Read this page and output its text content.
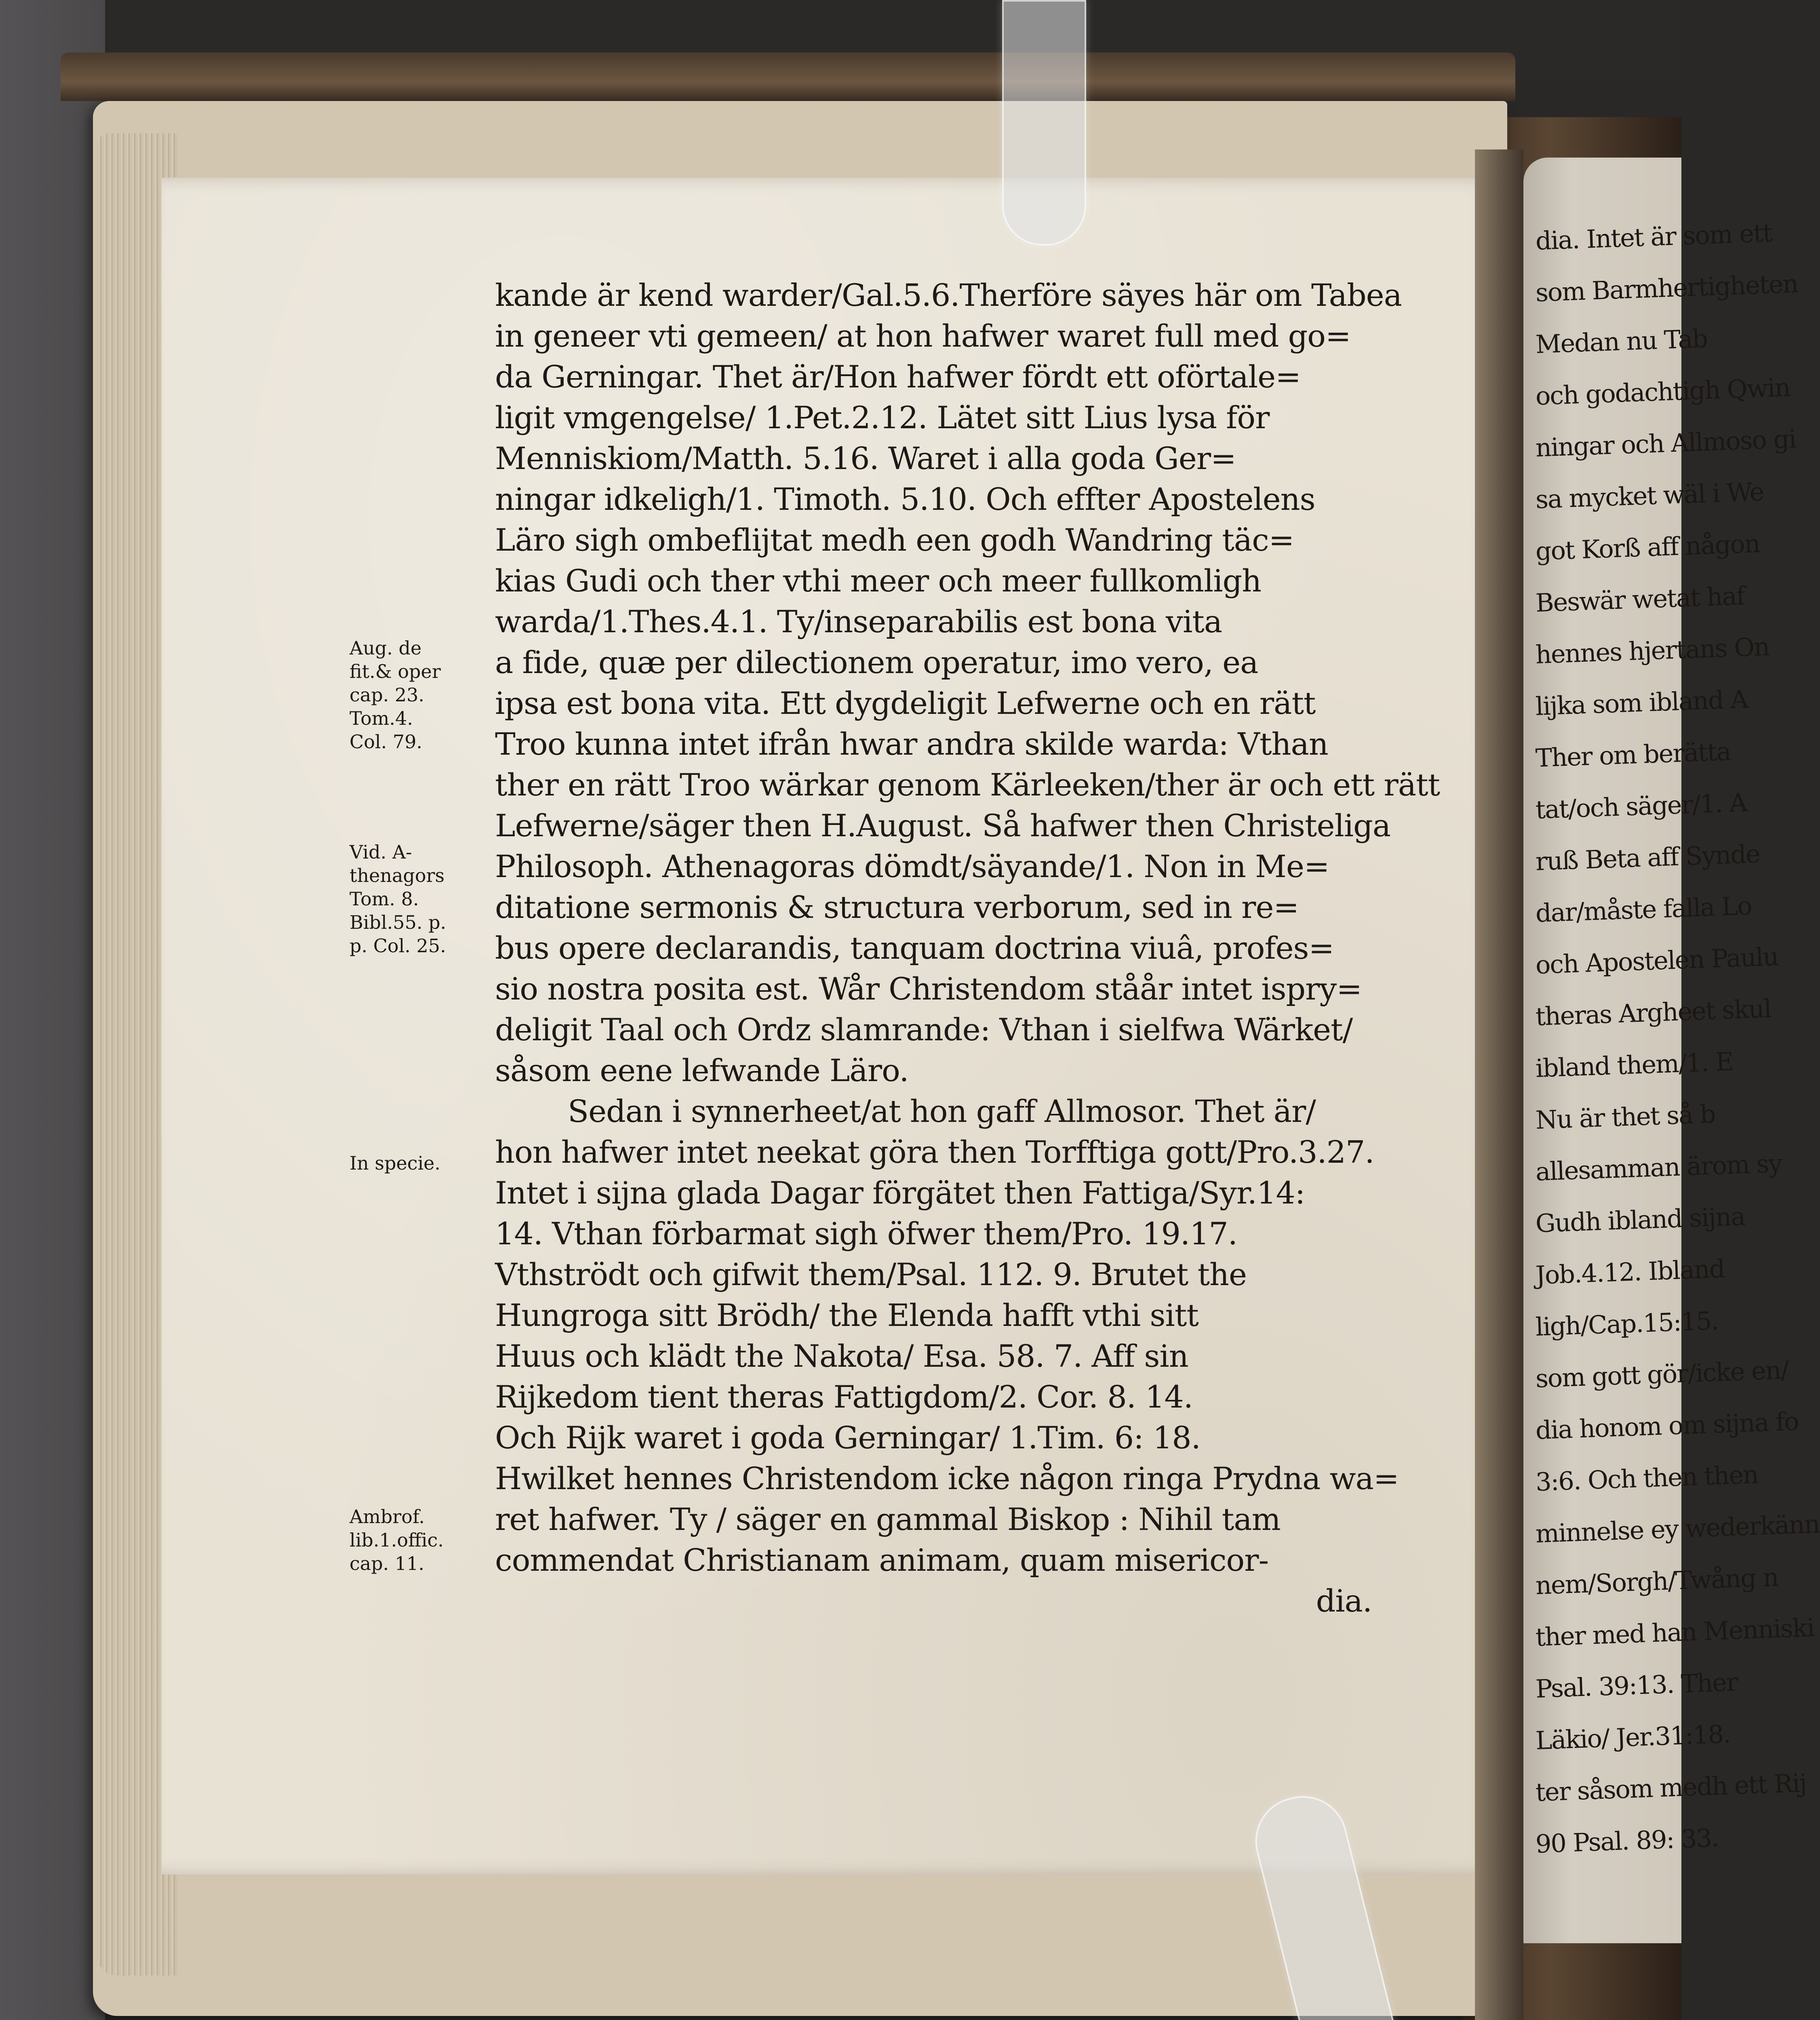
dia. Intet är som ett
som Barmhertigheten
Medan nu Tab
och godachtigh Qwin
ningar och Allmoso gi
sa mycket wäl i We
got Korß aff någon
Beswär wetat haf
hennes hjertans On
lijka som ibland A
Ther om berätta
tat/och säger/1. A
ruß Beta aff Synde
dar/måste falla Lo
och Apostelen Paulu
theras Argheet skul
ibland them/1. E
Nu är thet så b
allesamman ärom sy
Gudh ibland sijna
Job.4.12. Ibland
ligh/Cap.15:15.
som gott gör/icke en/
dia honom om sijna fo
3:6. Och then then
minnelse ey wederkänn
nem/Sorgh/Twång n
ther med han Menniski
Psal. 39:13. Ther
Läkio/ Jer.31:18.
ter såsom medh ett Rij
90 Psal. 89: 33.
kande är kend warder/Gal.5.6.Therföre säyes här om Tabea
in geneer vti gemeen/ at hon hafwer waret full med go=
da Gerningar. Thet är/Hon hafwer fördt ett oförtale=
ligit vmgengelse/ 1.Pet.2.12. Lätet sitt Lius lysa för
Menniskiom/Matth. 5.16. Waret i alla goda Ger=
ningar idkeligh/1. Timoth. 5.10. Och effter Apostelens
Läro sigh ombeflijtat medh een godh Wandring täc=
kias Gudi och ther vthi meer och meer fullkomligh
warda/1.Thes.4.1. Ty/inseparabilis est bona vita
a fide, quæ per dilectionem operatur, imo vero, ea
ipsa est bona vita. Ett dygdeligit Lefwerne och en rätt
Troo kunna intet ifrån hwar andra skilde warda: Vthan
ther en rätt Troo wärkar genom Kärleeken/ther är och ett rätt
Lefwerne/säger then H.August. Så hafwer then Christeliga
Philosoph. Athenagoras dömdt/säyande/1. Non in Me=
ditatione sermonis & structura verborum, sed in re=
bus opere declarandis, tanquam doctrina viuâ, profes=
sio nostra posita est. Wår Christendom ståår intet ispry=
deligit Taal och Ordz slamrande: Vthan i sielfwa Wärket/
såsom eene lefwande Läro.
Sedan i synnerheet/at hon gaff Allmosor. Thet är/
hon hafwer intet neekat göra then Torfftiga gott/Pro.3.27.
Intet i sijna glada Dagar förgätet then Fattiga/Syr.14:
14. Vthan förbarmat sigh öfwer them/Pro. 19.17.
Vthströdt och gifwit them/Psal. 112. 9. Brutet the
Hungroga sitt Brödh/ the Elenda hafft vthi sitt
Huus och klädt the Nakota/ Esa. 58. 7. Aff sin
Rijkedom tient theras Fattigdom/2. Cor. 8. 14.
Och Rijk waret i goda Gerningar/ 1.Tim. 6: 18.
Hwilket hennes Christendom icke någon ringa Prydna wa=
ret hafwer. Ty / säger en gammal Biskop : Nihil tam
commendat Christianam animam, quam misericor-
dia.
Aug. de
fit.& oper
cap. 23.
Tom.4.
Col. 79.
Vid. A-
thenagors
Tom. 8.
Bibl.55. p.
p. Col. 25.
In specie.
Ambrof.
lib.1.offic.
cap. 11.
